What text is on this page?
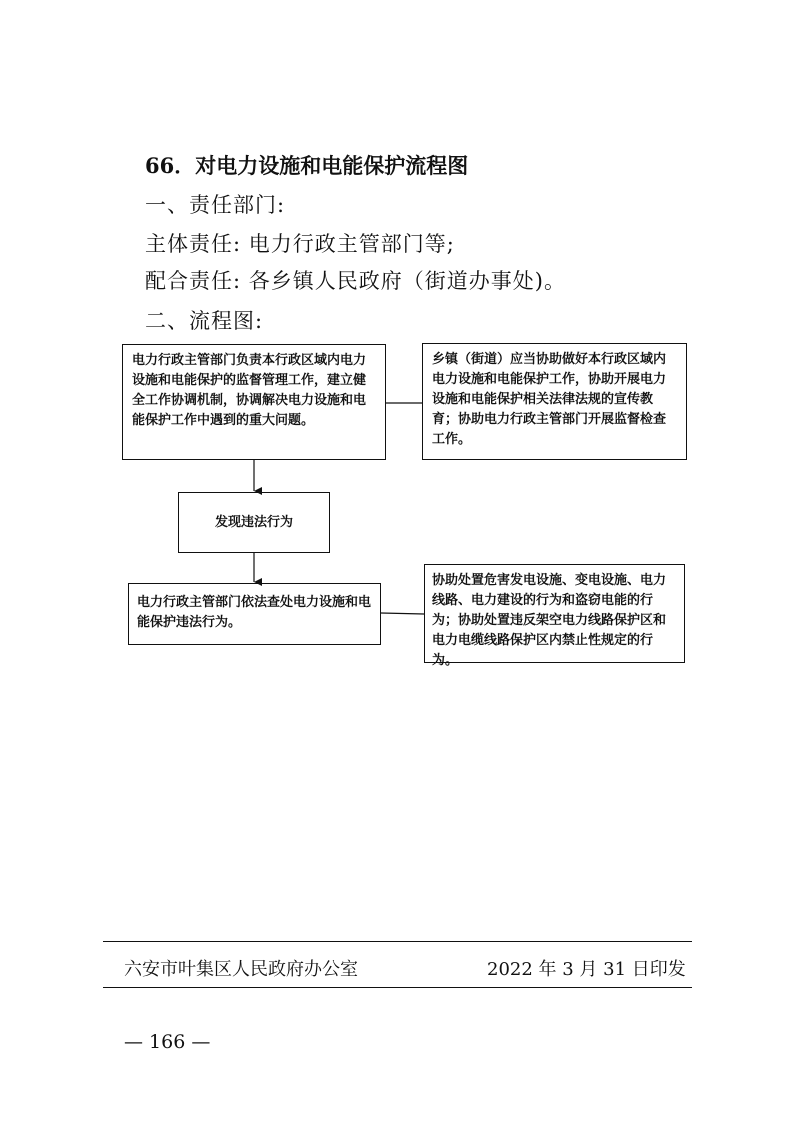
66．对电力设施和电能保护流程图
一、责任部门:
主体责任: 电力行政主管部门等;
配合责任: 各乡镇人民政府（街道办事处)。
二、流程图:
电力行政主管部门负责本行政区域内电力设施和电能保护的监督管理工作，建立健全工作协调机制，协调解决电力设施和电能保护工作中遇到的重大问题。
乡镇（街道）应当协助做好本行政区域内电力设施和电能保护工作，协助开展电力设施和电能保护相关法律法规的宣传教育；协助电力行政主管部门开展监督检查工作。
发现违法行为
电力行政主管部门依法查处电力设施和电能保护违法行为。
协助处置危害发电设施、变电设施、电力线路、电力建设的行为和盗窃电能的行为；协助处置违反架空电力线路保护区和电力电缆线路保护区内禁止性规定的行为。
六安市叶集区人民政府办公室	2022 年 3 月 31 日印发
— 166 —
